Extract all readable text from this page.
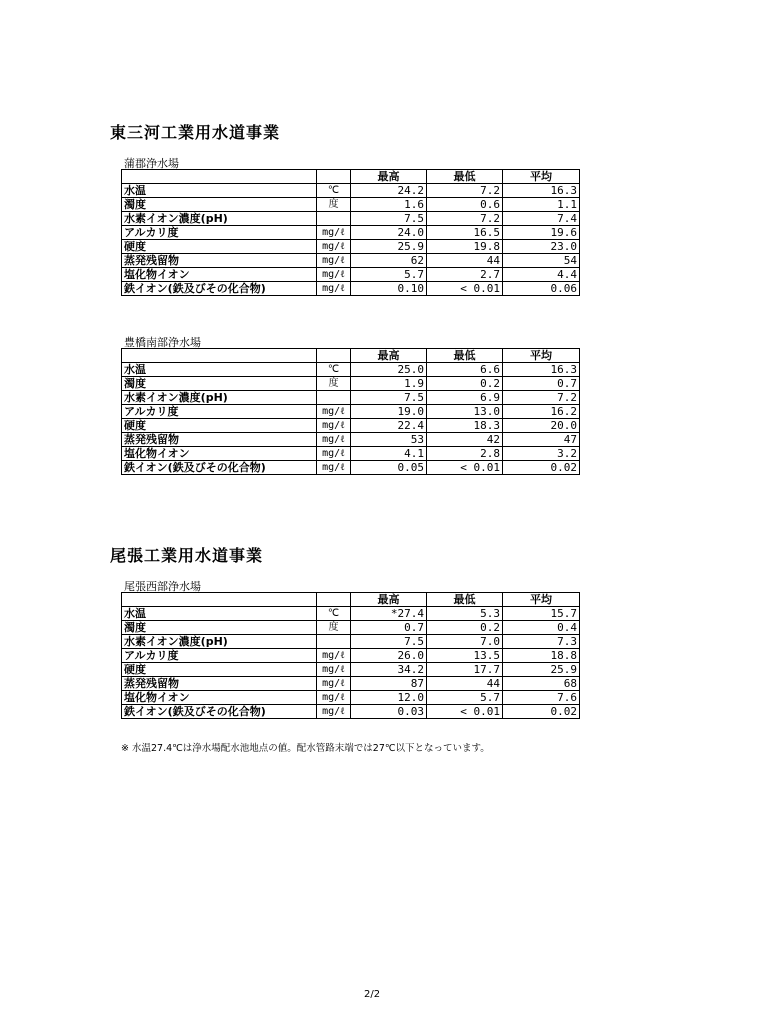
東三河工業用水道事業

蒲郡浄水場

		最高	最低	平均
水温	℃	24.2	7.2	16.3
濁度	度	1.6	0.6	1.1
水素イオン濃度(pH)		7.5	7.2	7.4
アルカリ度	mg/ℓ	24.0	16.5	19.6
硬度	mg/ℓ	25.9	19.8	23.0
蒸発残留物	mg/ℓ	62	44	54
塩化物イオン	mg/ℓ	5.7	2.7	4.4
鉄イオン(鉄及びその化合物)	mg/ℓ	0.10	< 0.01	0.06

豊橋南部浄水場

		最高	最低	平均
水温	℃	25.0	6.6	16.3
濁度	度	1.9	0.2	0.7
水素イオン濃度(pH)		7.5	6.9	7.2
アルカリ度	mg/ℓ	19.0	13.0	16.2
硬度	mg/ℓ	22.4	18.3	20.0
蒸発残留物	mg/ℓ	53	42	47
塩化物イオン	mg/ℓ	4.1	2.8	3.2
鉄イオン(鉄及びその化合物)	mg/ℓ	0.05	< 0.01	0.02
尾張工業用水道事業

尾張西部浄水場

		最高	最低	平均
水温	℃	*27.4	5.3	15.7
濁度	度	0.7	0.2	0.4
水素イオン濃度(pH)		7.5	7.0	7.3
アルカリ度	mg/ℓ	26.0	13.5	18.8
硬度	mg/ℓ	34.2	17.7	25.9
蒸発残留物	mg/ℓ	87	44	68
塩化物イオン	mg/ℓ	12.0	5.7	7.6
鉄イオン(鉄及びその化合物)	mg/ℓ	0.03	< 0.01	0.02

※ 水温27.4℃は浄水場配水池地点の値。配水管路末端では27℃以下となっています。

2/2
